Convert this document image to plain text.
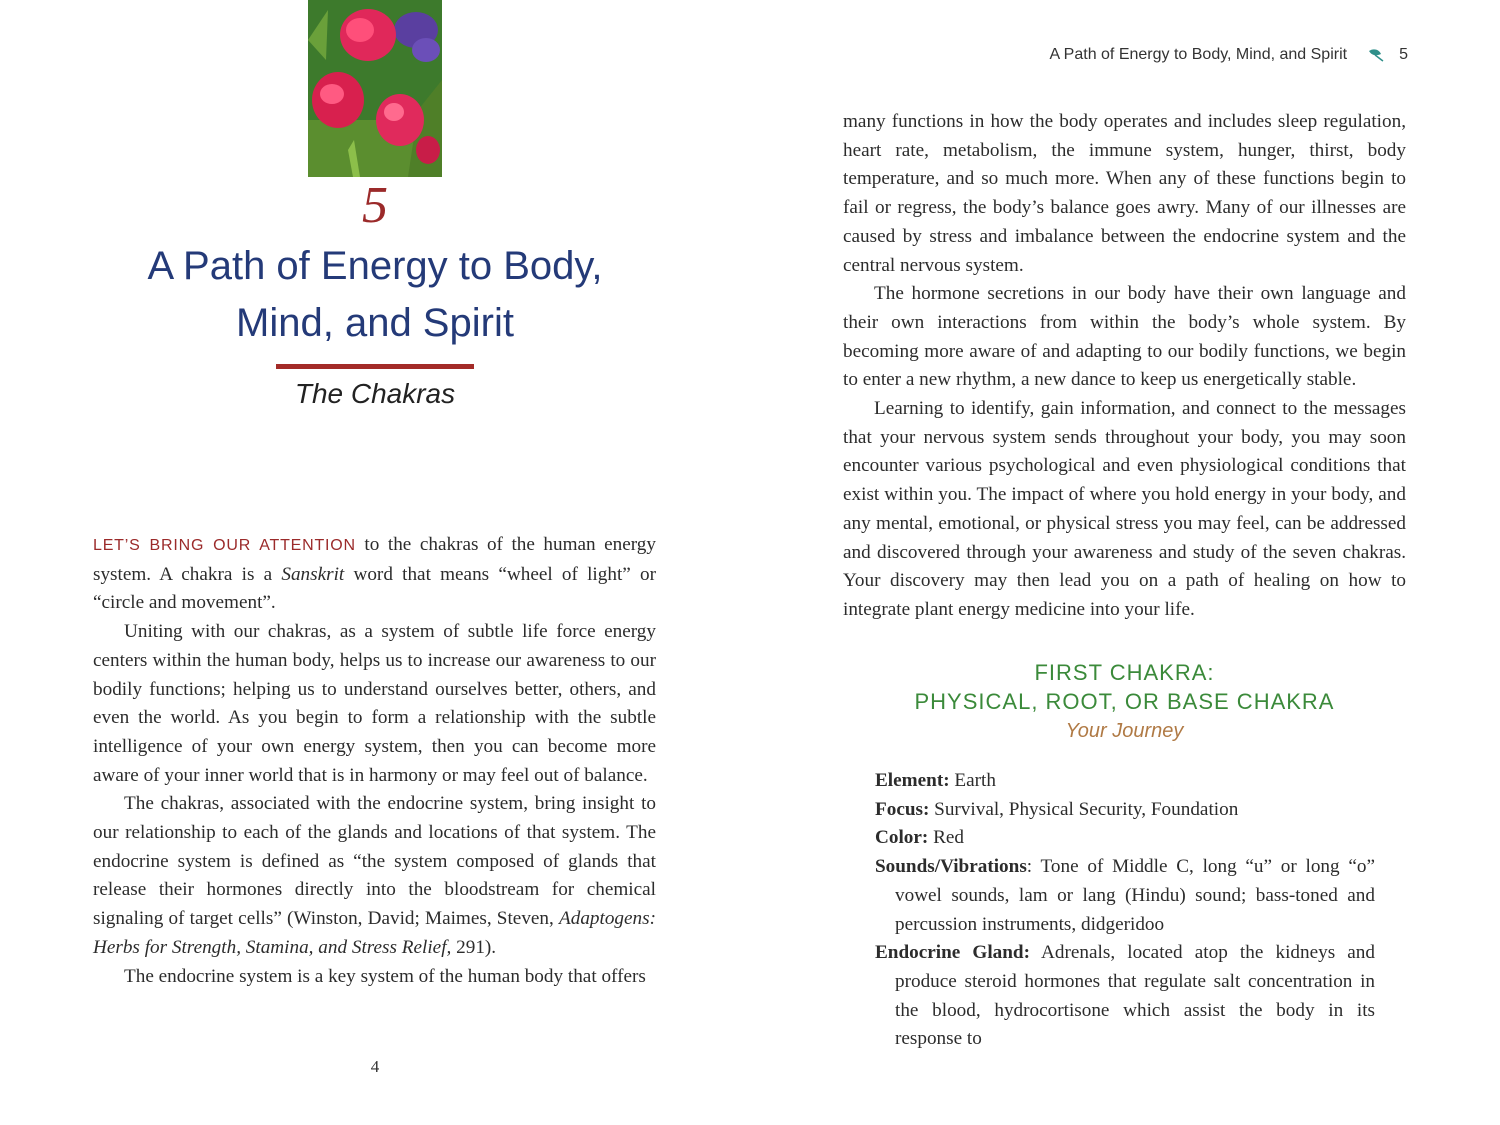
5
A Path of Energy to Body,
Mind, and Spirit
The Chakras

LET’S BRING OUR ATTENTION to the chakras of the human energy system. A chakra is a Sanskrit word that means “wheel of light” or “circle and movement”.

Uniting with our chakras, as a system of subtle life force energy centers within the human body, helps us to increase our awareness to our bodily functions; helping us to understand ourselves better, others, and even the world. As you begin to form a relationship with the subtle intelligence of your own energy system, then you can become more aware of your inner world that is in harmony or may feel out of balance.

The chakras, associated with the endocrine system, bring insight to our relationship to each of the glands and locations of that system. The endocrine system is defined as “the system composed of glands that release their hormones directly into the bloodstream for chemical signaling of target cells” (Winston, David; Maimes, Steven, Adaptogens: Herbs for Strength, Stamina, and Stress Relief, 291).

The endocrine system is a key system of the human body that offers

4
A Path of Energy to Body, Mind, and Spirit	5

many functions in how the body operates and includes sleep regulation, heart rate, metabolism, the immune system, hunger, thirst, body temperature, and so much more. When any of these functions begin to fail or regress, the body’s balance goes awry. Many of our illnesses are caused by stress and imbalance between the endocrine system and the central nervous system.

The hormone secretions in our body have their own language and their own interactions from within the body’s whole system. By becoming more aware of and adapting to our bodily functions, we begin to enter a new rhythm, a new dance to keep us energetically stable.

Learning to identify, gain information, and connect to the messages that your nervous system sends throughout your body, you may soon encounter various psychological and even physiological conditions that exist within you. The impact of where you hold energy in your body, and any mental, emotional, or physical stress you may feel, can be addressed and discovered through your awareness and study of the seven chakras. Your discovery may then lead you on a path of healing on how to integrate plant energy medicine into your life.

FIRST CHAKRA:
PHYSICAL, ROOT, OR BASE CHAKRA
Your Journey
Element: Earth
Focus: Survival, Physical Security, Foundation
Color: Red
Sounds/Vibrations: Tone of Middle C, long “u” or long “o” vowel sounds, lam or lang (Hindu) sound; bass-toned and percussion instruments, didgeridoo
Endocrine Gland: Adrenals, located atop the kidneys and produce steroid hormones that regulate salt concentration in the blood, hydrocortisone which assist the body in its response to
